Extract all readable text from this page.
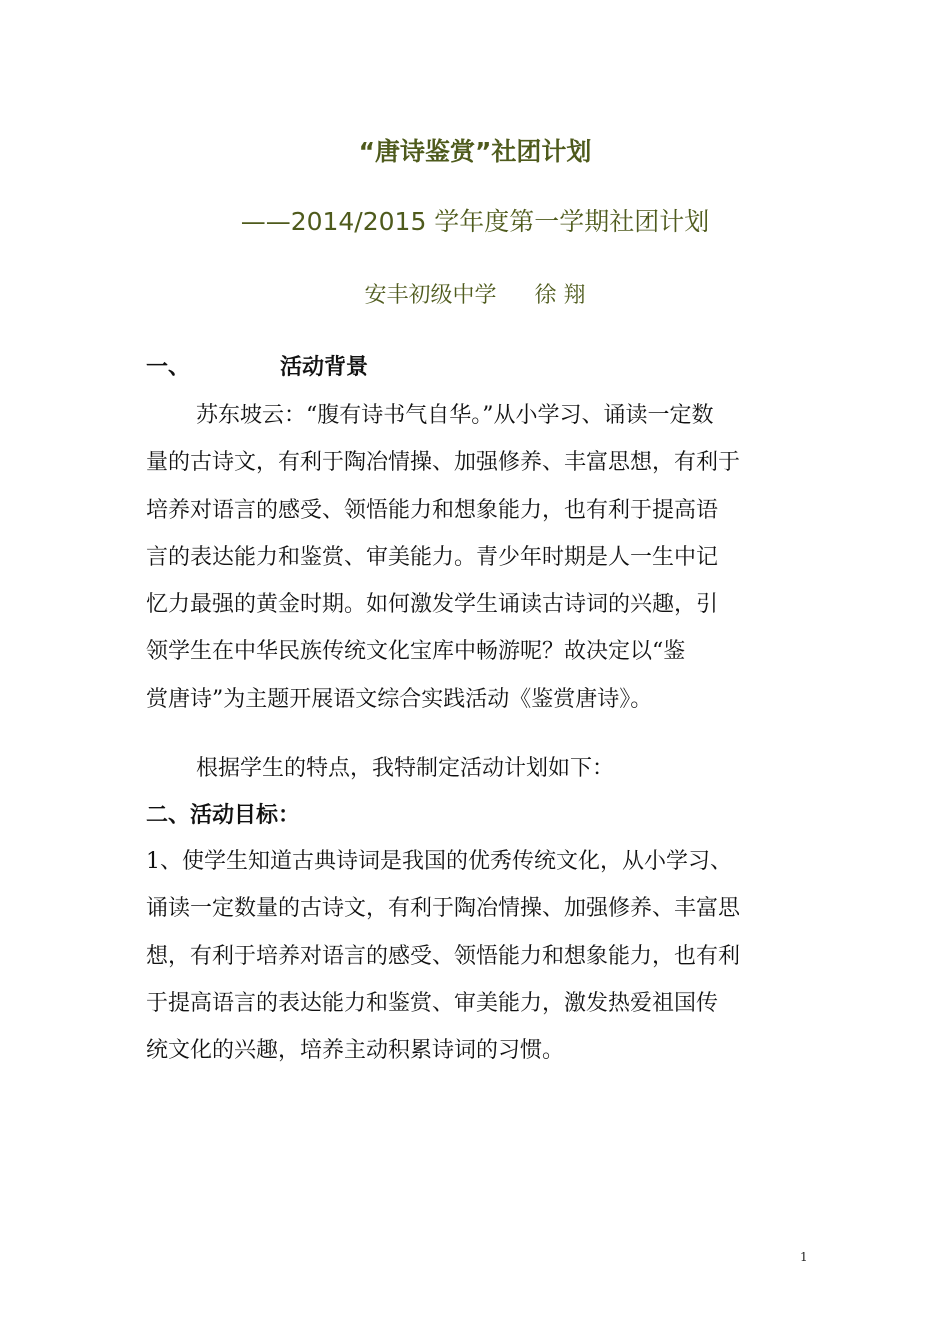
“唐诗鉴赏”社团计划
——2014/2015 学年度第一学期社团计划
安丰初级中学 徐 翔
一、	活动背景
苏东坡云：“腹有诗书气自华。”从小学习、诵读一定数
量的古诗文，有利于陶冶情操、加强修养、丰富思想，有利于
培养对语言的感受、领悟能力和想象能力，也有利于提高语
言的表达能力和鉴赏、审美能力。青少年时期是人一生中记
忆力最强的黄金时期。如何激发学生诵读古诗词的兴趣，引
领学生在中华民族传统文化宝库中畅游呢？故决定以“鉴
赏唐诗”为主题开展语文综合实践活动《鉴赏唐诗》。
根据学生的特点，我特制定活动计划如下：
二、活动目标：
1、使学生知道古典诗词是我国的优秀传统文化，从小学习、
诵读一定数量的古诗文，有利于陶冶情操、加强修养、丰富思
想，有利于培养对语言的感受、领悟能力和想象能力，也有利
于提高语言的表达能力和鉴赏、审美能力，激发热爱祖国传
统文化的兴趣，培养主动积累诗词的习惯。
1
